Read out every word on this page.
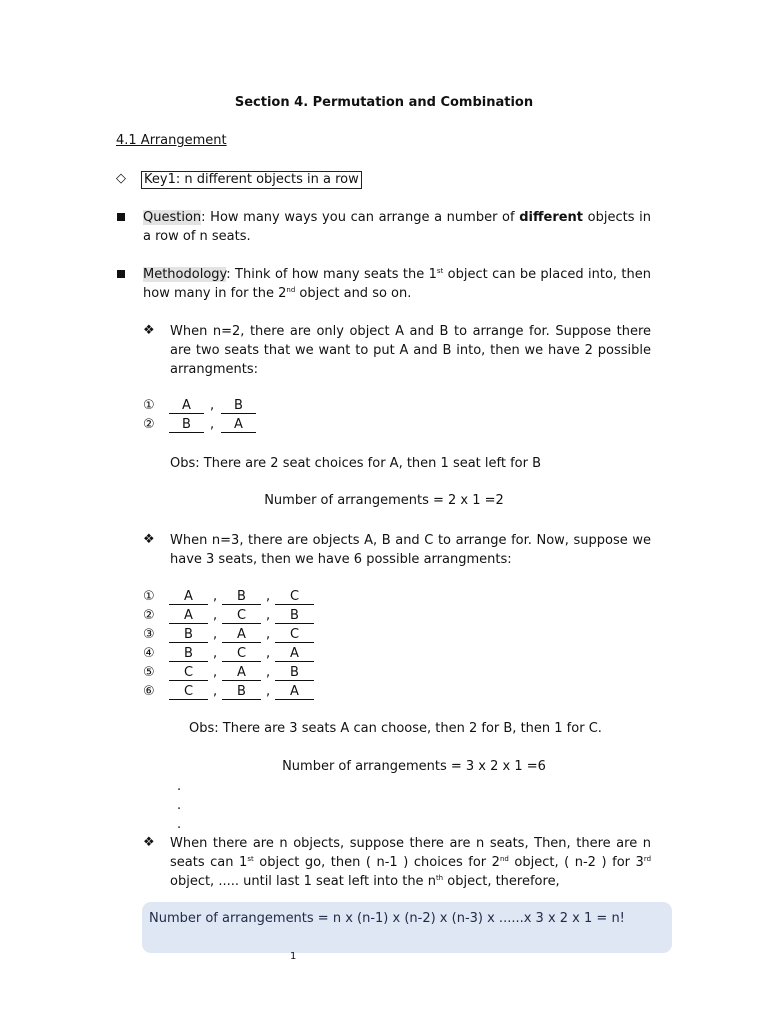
Section 4. Permutation and Combination
4.1 Arrangement
◇ Key1: n different objects in a row
Question: How many ways you can arrange a number of different objects in a row of n seats.
Methodology: Think of how many seats the 1st object can be placed into, then how many in for the 2nd object and so on.
❖ When n=2, there are only object A and B to arrange for. Suppose there are two seats that we want to put A and B into, then we have 2 possible arrangments:
①	A	,	B
②	B	,	A
Obs: There are 2 seat choices for A, then 1 seat left for B
Number of arrangements = 2 x 1 =2
❖ When n=3, there are objects A, B and C to arrange for. Now, suppose we have 3 seats, then we have 6 possible arrangments:
①	A	,	B	,	C
②	A	,	C	,	B
③	B	,	A	,	C
④	B	,	C	,	A
⑤	C	,	A	,	B
⑥	C	,	B	,	A
Obs: There are 3 seats A can choose, then 2 for B, then 1 for C.
Number of arrangements = 3 x 2 x 1 =6
.
.
.
❖ When there are n objects, suppose there are n seats, Then, there are n seats can 1st object go, then ( n-1 ) choices for 2nd object, ( n-2 ) for 3rd object, ..... until last 1 seat left into the $n^{th}$ object, therefore,
Number of arrangements = n x (n-1) x (n-2) x (n-3) x ......x 3 x 2 x 1 = n!
1
